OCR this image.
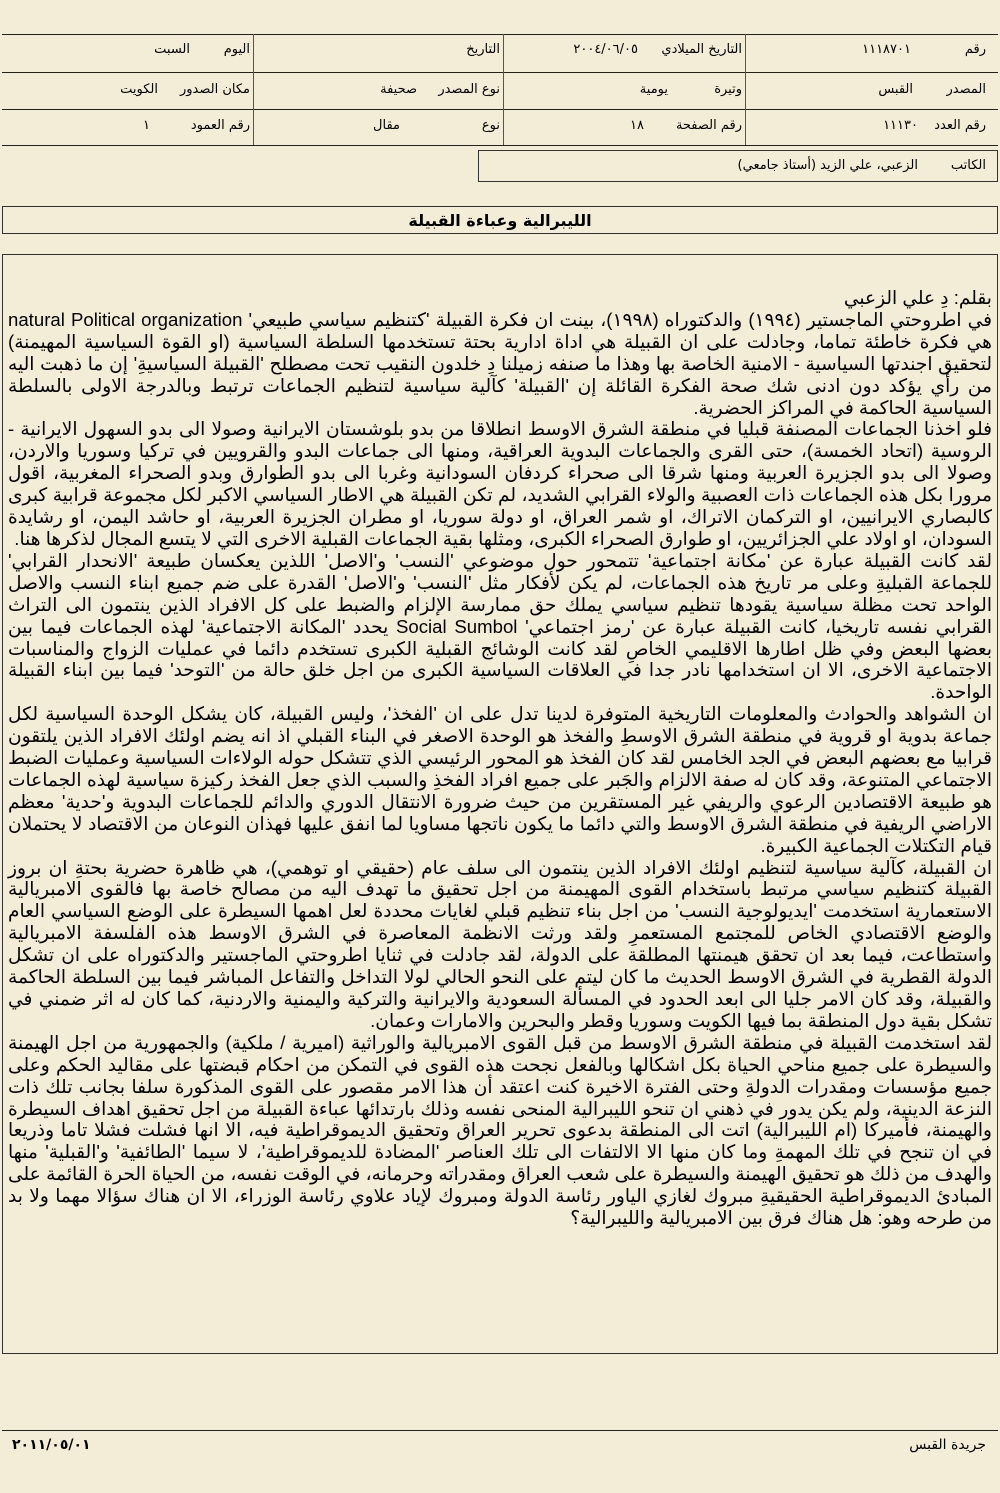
رقم
١١١٨٧٠١
التاريخ الميلادي
٢٠٠٤/٠٦/٠٥
التاريخ
اليوم
السبت
المصدر
القبس
وتيرة
يومية
نوع المصدر
صحيفة
مكان الصدور
الكويت
رقم العدد
١١١٣٠
رقم الصفحة
١٨
نوع
مقال
رقم العمود
١
الكاتب
الزعبي، علي الزيد (أستاذ جامعي)
الليبرالية وعباءة القبيلة

بقلم: دِ علي الزعبي

في اطروحتي الماجستير (١٩٩٤) والدكتوراه (١٩٩٨)، بينت ان فكرة القبيلة 'كتنظيم سياسي طبيعي' natural Political organization هي فكرة خاطئة تماما، وجادلت على ان القبيلة هي اداة ادارية بحتة تستخدمها السلطة السياسية (او القوة السياسية المهيمنة) لتحقيق اجندتها السياسية - الامنية الخاصة بها وهذا ما صنفه زميلنا دِ خلدون النقيب تحت مصطلح 'القبيلة السياسيةِ' إن ما ذهبت اليه من رأي يؤكد دون ادنى شك صحة الفكرة القائلة إن 'القبيلة' كآلية سياسية لتنظيم الجماعات ترتبط وبالدرجة الاولى بالسلطة السياسية الحاكمة في المراكز الحضرية.

فلو اخذنا الجماعات المصنفة قبليا في منطقة الشرق الاوسط انطلاقا من بدو بلوشستان الايرانية وصولا الى بدو السهول الايرانية - الروسية (اتحاد الخمسة)، حتى القرى والجماعات البدوية العراقية، ومنها الى جماعات البدو والقرويين في تركيا وسوريا والاردن، وصولا الى بدو الجزيرة العربية ومنها شرقا الى صحراء كردفان السودانية وغربا الى بدو الطوارق وبدو الصحراء المغربية، اقول مرورا بكل هذه الجماعات ذات العصبية والولاء القرابي الشديد، لم تكن القبيلة هي الاطار السياسي الاكبر لكل مجموعة قرابية كبرى كالبصاري الايرانيين، او التركمان الاتراك، او شمر العراق، او دولة سوريا، او مطران الجزيرة العربية، او حاشد اليمن، او رشايدة السودان، او اولاد علي الجزائريين، او طوارق الصحراء الكبرى، ومثلها بقية الجماعات القبلية الاخرى التي لا يتسع المجال لذكرها هنا.

لقد كانت القبيلة عبارة عن 'مكانة اجتماعية' تتمحور حول موضوعي 'النسب' و'الاصل' اللذين يعكسان طبيعة 'الانحدار القرابي' للجماعة القبليةِ وعلى مر تاريخ هذه الجماعات، لم يكن لأفكار مثل 'النسب' و'الاصل' القدرة على ضم جميع ابناء النسب والاصل الواحد تحت مظلة سياسية يقودها تنظيم سياسي يملك حق ممارسة الإلزام والضبط على كل الافراد الذين ينتمون الى التراث القرابي نفسه تاريخيا، كانت القبيلة عبارة عن 'رمز اجتماعي' Social Sumbol يحدد 'المكانة الاجتماعية' لهذه الجماعات فيما بين بعضها البعض وفي ظل اطارها الاقليمي الخاصِ لقد كانت الوشائج القبلية الكبرى تستخدم دائما في عمليات الزواج والمناسبات الاجتماعية الاخرى، الا ان استخدامها نادر جدا في العلاقات السياسية الكبرى من اجل خلق حالة من 'التوحد' فيما بين ابناء القبيلة الواحدة.

ان الشواهد والحوادث والمعلومات التاريخية المتوفرة لدينا تدل على ان 'الفخذ'، وليس القبيلة، كان يشكل الوحدة السياسية لكل جماعة بدوية او قروية في منطقة الشرق الاوسطِ والفخذ هو الوحدة الاصغر في البناء القبلي اذ انه يضم اولئك الافراد الذين يلتقون قرابيا مع بعضهم البعض في الجد الخامس لقد كان الفخذ هو المحور الرئيسي الذي تتشكل حوله الولاءات السياسية وعمليات الضبط الاجتماعي المتنوعة، وقد كان له صفة الالزام والجَبر على جميع افراد الفخذِ والسبب الذي جعل الفخذ ركيزة سياسية لهذه الجماعات هو طبيعة الاقتصادين الرعوي والريفي غير المستقرين من حيث ضرورة الانتقال الدوري والدائم للجماعات البدوية و'حدية' معظم الاراضي الريفية في منطقة الشرق الاوسط والتي دائما ما يكون ناتجها مساويا لما انفق عليها فهذان النوعان من الاقتصاد لا يحتملان قيام التكتلات الجماعية الكبيرة.

ان القبيلة، كآلية سياسية لتنظيم اولئك الافراد الذين ينتمون الى سلف عام (حقيقي او توهمي)، هي ظاهرة حضرية بحتةِ ان بروز القبيلة كتنظيم سياسي مرتبط باستخدام القوى المهيمنة من اجل تحقيق ما تهدف اليه من مصالح خاصة بها فالقوى الامبريالية الاستعمارية استخدمت 'ايديولوجية النسب' من اجل بناء تنظيم قبلي لغايات محددة لعل اهمها السيطرة على الوضع السياسي العام والوضع الاقتصادي الخاص للمجتمع المستعمرِ ولقد ورثت الانظمة المعاصرة في الشرق الاوسط هذه الفلسفة الامبريالية واستطاعت، فيما بعد ان تحقق هيمنتها المطلقة على الدولة، لقد جادلت في ثنايا اطروحتي الماجستير والدكتوراه على ان تشكل الدولة القطرية في الشرق الاوسط الحديث ما كان ليتم على النحو الحالي لولا التداخل والتفاعل المباشر فيما بين السلطة الحاكمة والقبيلة، وقد كان الامر جليا الى ابعد الحدود في المسألة السعودية والايرانية والتركية واليمنية والاردنية، كما كان له اثر ضمني في تشكل بقية دول المنطقة بما فيها الكويت وسوريا وقطر والبحرين والامارات وعمان.

لقد استخدمت القبيلة في منطقة الشرق الاوسط من قبل القوى الامبريالية والوراثية (اميرية / ملكية) والجمهورية من اجل الهيمنة والسيطرة على جميع مناحي الحياة بكل اشكالها وبالفعل نجحت هذه القوى في التمكن من احكام قبضتها على مقاليد الحكم وعلى جميع مؤسسات ومقدرات الدولةِ وحتى الفترة الاخيرة كنت اعتقد أن هذا الامر مقصور على القوى المذكورة سلفا بجانب تلك ذات النزعة الدينية، ولم يكن يدور في ذهني ان تنحو الليبرالية المنحى نفسه وذلك بارتدائها عباءة القبيلة من اجل تحقيق اهداف السيطرة والهيمنة، فأميركا (ام الليبرالية) اتت الى المنطقة بدعوى تحرير العراق وتحقيق الديموقراطية فيه، الا انها فشلت فشلا تاما وذريعا في ان تنجح في تلك المهمةِ وما كان منها الا الالتفات الى تلك العناصر 'المضادة للديموقراطية'، لا سيما 'الطائفية' و'القبلية' منها والهدف من ذلك هو تحقيق الهيمنة والسيطرة على شعب العراق ومقدراته وحرمانه، في الوقت نفسه، من الحياة الحرة القائمة على المبادئ الديموقراطية الحقيقيةِ مبروك لغازي الياور رئاسة الدولة ومبروك لإياد علاوي رئاسة الوزراء، الا ان هناك سؤالا مهما ولا بد من طرحه وهو: هل هناك فرق بين الامبريالية والليبرالية؟

جريدة القبس
٢٠١١/٠٥/٠١
